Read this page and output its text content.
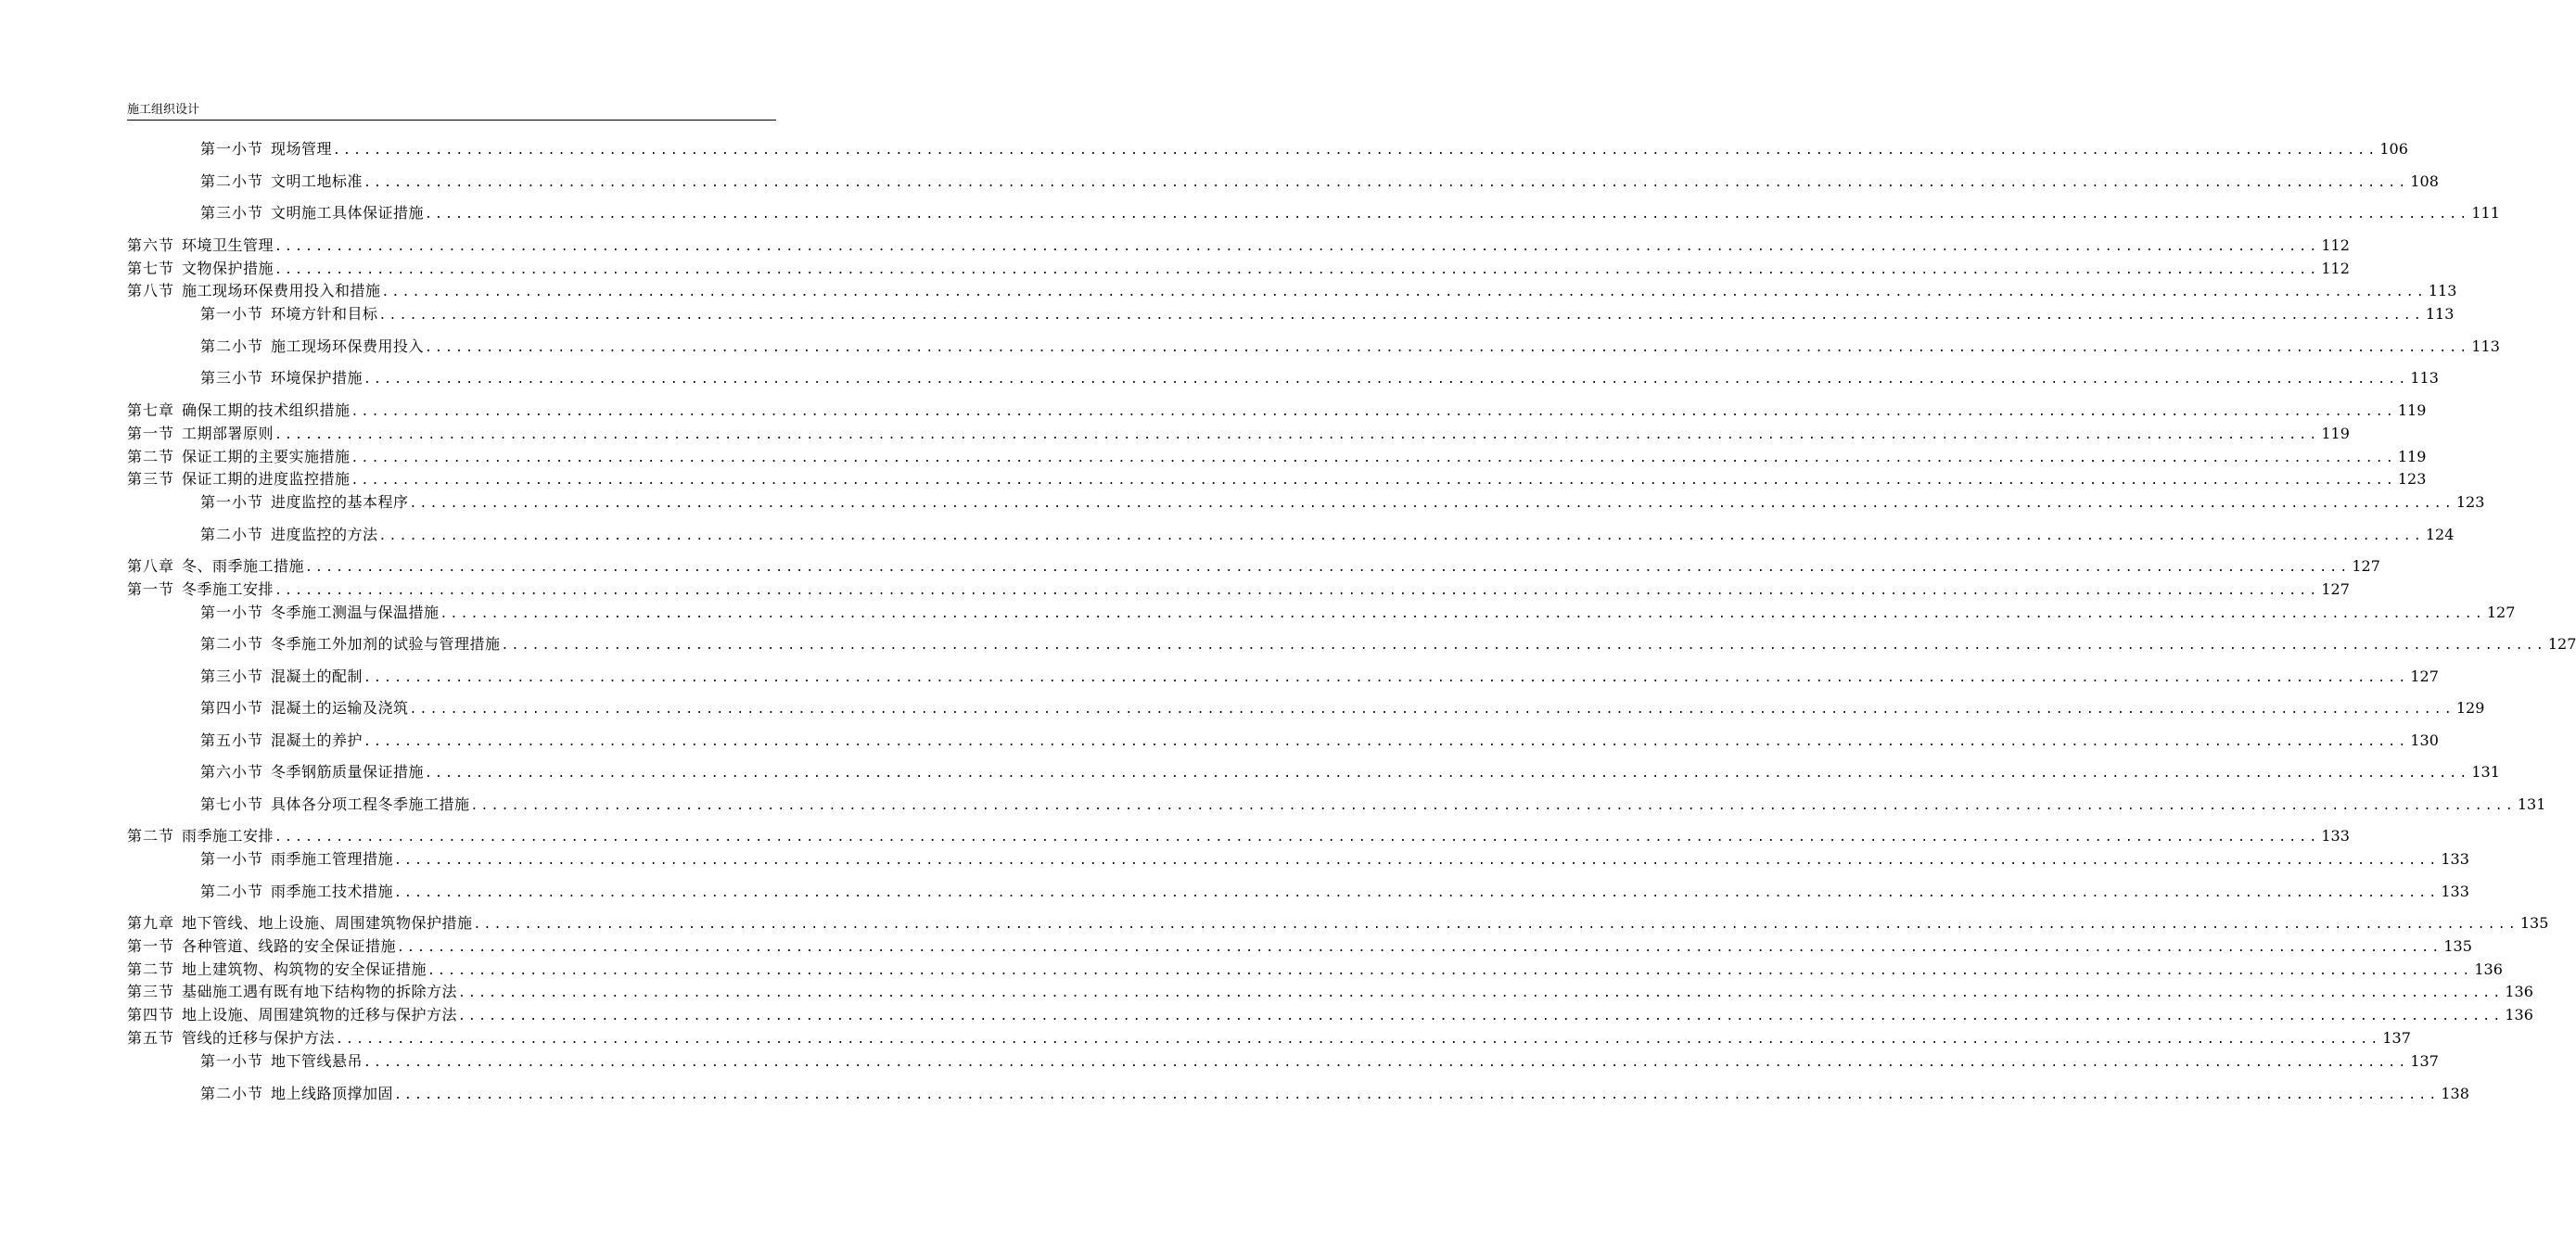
施工组织设计
第一小节 现场管理 ........................................................................................................................................................................................................ 106
第二小节 文明工地标准 ........................................................................................................................................................................................................ 108
第三小节 文明施工具体保证措施 ........................................................................................................................................................................................................ 111
第六节 环境卫生管理 ........................................................................................................................................................................................................ 112
第七节 文物保护措施 ........................................................................................................................................................................................................ 112
第八节 施工现场环保费用投入和措施 ........................................................................................................................................................................................................ 113
第一小节 环境方针和目标 ........................................................................................................................................................................................................ 113
第二小节 施工现场环保费用投入 ........................................................................................................................................................................................................ 113
第三小节 环境保护措施 ........................................................................................................................................................................................................ 113
第七章 确保工期的技术组织措施 ........................................................................................................................................................................................................ 119
第一节 工期部署原则 ........................................................................................................................................................................................................ 119
第二节 保证工期的主要实施措施 ........................................................................................................................................................................................................ 119
第三节 保证工期的进度监控措施 ........................................................................................................................................................................................................ 123
第一小节 进度监控的基本程序 ........................................................................................................................................................................................................ 123
第二小节 进度监控的方法 ........................................................................................................................................................................................................ 124
第八章 冬、雨季施工措施 ........................................................................................................................................................................................................ 127
第一节 冬季施工安排 ........................................................................................................................................................................................................ 127
第一小节 冬季施工测温与保温措施 ........................................................................................................................................................................................................ 127
第二小节 冬季施工外加剂的试验与管理措施 ........................................................................................................................................................................................................ 127
第三小节 混凝土的配制 ........................................................................................................................................................................................................ 127
第四小节 混凝土的运输及浇筑 ........................................................................................................................................................................................................ 129
第五小节 混凝土的养护 ........................................................................................................................................................................................................ 130
第六小节 冬季钢筋质量保证措施 ........................................................................................................................................................................................................ 131
第七小节 具体各分项工程冬季施工措施 ........................................................................................................................................................................................................ 131
第二节 雨季施工安排 ........................................................................................................................................................................................................ 133
第一小节 雨季施工管理措施 ........................................................................................................................................................................................................ 133
第二小节 雨季施工技术措施 ........................................................................................................................................................................................................ 133
第九章 地下管线、地上设施、周围建筑物保护措施 ........................................................................................................................................................................................................ 135
第一节 各种管道、线路的安全保证措施 ........................................................................................................................................................................................................ 135
第二节 地上建筑物、构筑物的安全保证措施 ........................................................................................................................................................................................................ 136
第三节 基础施工遇有既有地下结构物的拆除方法 ........................................................................................................................................................................................................ 136
第四节 地上设施、周围建筑物的迁移与保护方法 ........................................................................................................................................................................................................ 136
第五节 管线的迁移与保护方法 ........................................................................................................................................................................................................ 137
第一小节 地下管线悬吊 ........................................................................................................................................................................................................ 137
第二小节 地上线路顶撑加固 ........................................................................................................................................................................................................ 138
